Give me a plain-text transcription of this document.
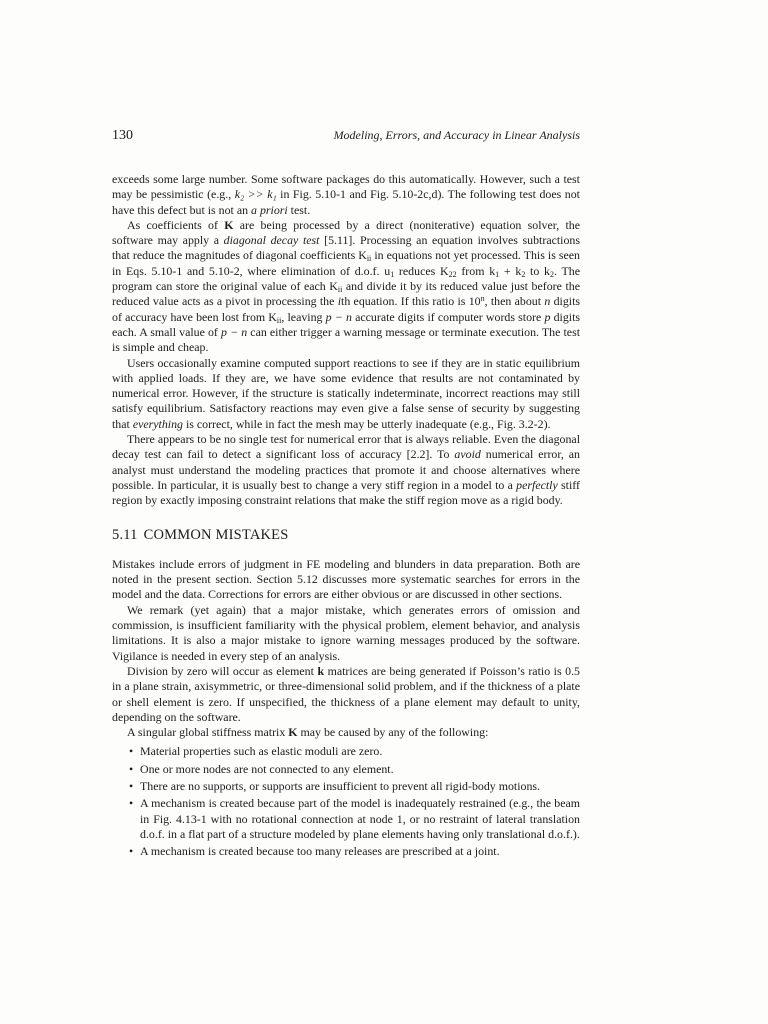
130	Modeling, Errors, and Accuracy in Linear Analysis

exceeds some large number. Some software packages do this automatically. However, such a test may be pessimistic (e.g., k₂ >> k₁ in Fig. 5.10-1 and Fig. 5.10-2c,d). The following test does not have this defect but is not an a priori test.

As coefficients of K are being processed by a direct (noniterative) equation solver, the software may apply a diagonal decay test [5.11]. Processing an equation involves subtractions that reduce the magnitudes of diagonal coefficients $K_{ii}$ in equations not yet processed. This is seen in Eqs. 5.10-1 and 5.10-2, where elimination of d.o.f. $u_1$ reduces $K_{22}$ from $k_1 + k_2$ to $k_2$. The program can store the original value of each $K_{ii}$ and divide it by its reduced value just before the reduced value acts as a pivot in processing the ith equation. If this ratio is 10$^n$, then about n digits of accuracy have been lost from $K_{ii}$, leaving p − n accurate digits if computer words store p digits each. A small value of p − n can either trigger a warning message or terminate execution. The test is simple and cheap.

Users occasionally examine computed support reactions to see if they are in static equilibrium with applied loads. If they are, we have some evidence that results are not contaminated by numerical error. However, if the structure is statically indeterminate, incorrect reactions may still satisfy equilibrium. Satisfactory reactions may even give a false sense of security by suggesting that everything is correct, while in fact the mesh may be utterly inadequate (e.g., Fig. 3.2-2).

There appears to be no single test for numerical error that is always reliable. Even the diagonal decay test can fail to detect a significant loss of accuracy [2.2]. To avoid numerical error, an analyst must understand the modeling practices that promote it and choose alternatives where possible. In particular, it is usually best to change a very stiff region in a model to a perfectly stiff region by exactly imposing constraint relations that make the stiff region move as a rigid body.

5.11 COMMON MISTAKES

Mistakes include errors of judgment in FE modeling and blunders in data preparation. Both are noted in the present section. Section 5.12 discusses more systematic searches for errors in the model and the data. Corrections for errors are either obvious or are discussed in other sections.

We remark (yet again) that a major mistake, which generates errors of omission and commission, is insufficient familiarity with the physical problem, element behavior, and analysis limitations. It is also a major mistake to ignore warning messages produced by the software. Vigilance is needed in every step of an analysis.

Division by zero will occur as element k matrices are being generated if Poisson’s ratio is 0.5 in a plane strain, axisymmetric, or three-dimensional solid problem, and if the thickness of a plate or shell element is zero. If unspecified, the thickness of a plane element may default to unity, depending on the software.

A singular global stiffness matrix K may be caused by any of the following:

• Material properties such as elastic moduli are zero.
• One or more nodes are not connected to any element.
• There are no supports, or supports are insufficient to prevent all rigid-body motions.
• A mechanism is created because part of the model is inadequately restrained (e.g., the beam in Fig. 4.13-1 with no rotational connection at node 1, or no restraint of lateral translation d.o.f. in a flat part of a structure modeled by plane elements having only translational d.o.f.).
• A mechanism is created because too many releases are prescribed at a joint.
